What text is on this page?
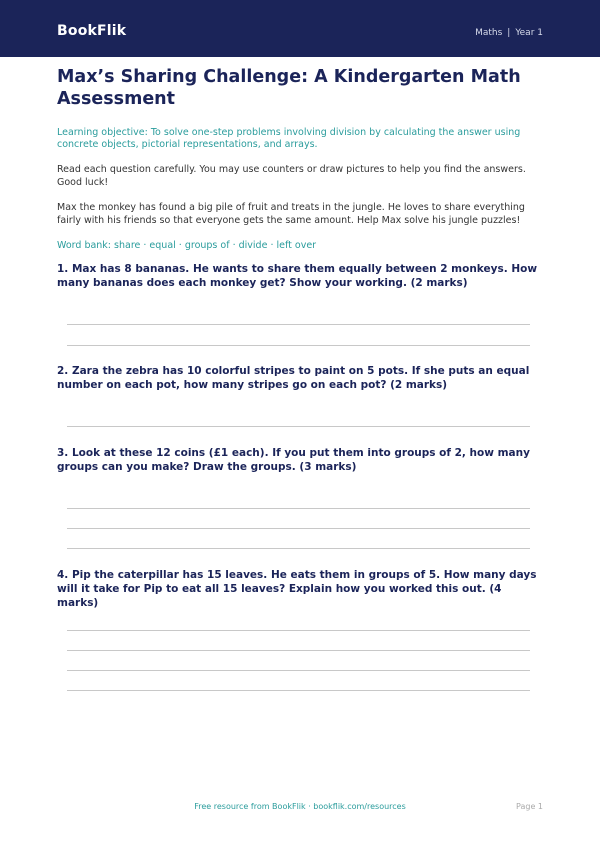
BookFlik	Maths | Year 1
Max’s Sharing Challenge: A Kindergarten Math Assessment

Learning objective: To solve one-step problems involving division by calculating the answer using concrete objects, pictorial representations, and arrays.

Read each question carefully. You may use counters or draw pictures to help you find the answers. Good luck!

Max the monkey has found a big pile of fruit and treats in the jungle. He loves to share everything fairly with his friends so that everyone gets the same amount. Help Max solve his jungle puzzles!

Word bank: share · equal · groups of · divide · left over

1. Max has 8 bananas. He wants to share them equally between 2 monkeys. How many bananas does each monkey get? Show your working. (2 marks)

2. Zara the zebra has 10 colorful stripes to paint on 5 pots. If she puts an equal number on each pot, how many stripes go on each pot? (2 marks)

3. Look at these 12 coins (£1 each). If you put them into groups of 2, how many groups can you make? Draw the groups. (3 marks)

4. Pip the caterpillar has 15 leaves. He eats them in groups of 5. How many days will it take for Pip to eat all 15 leaves? Explain how you worked this out. (4 marks)

Free resource from BookFlik · bookflik.com/resources	Page 1
